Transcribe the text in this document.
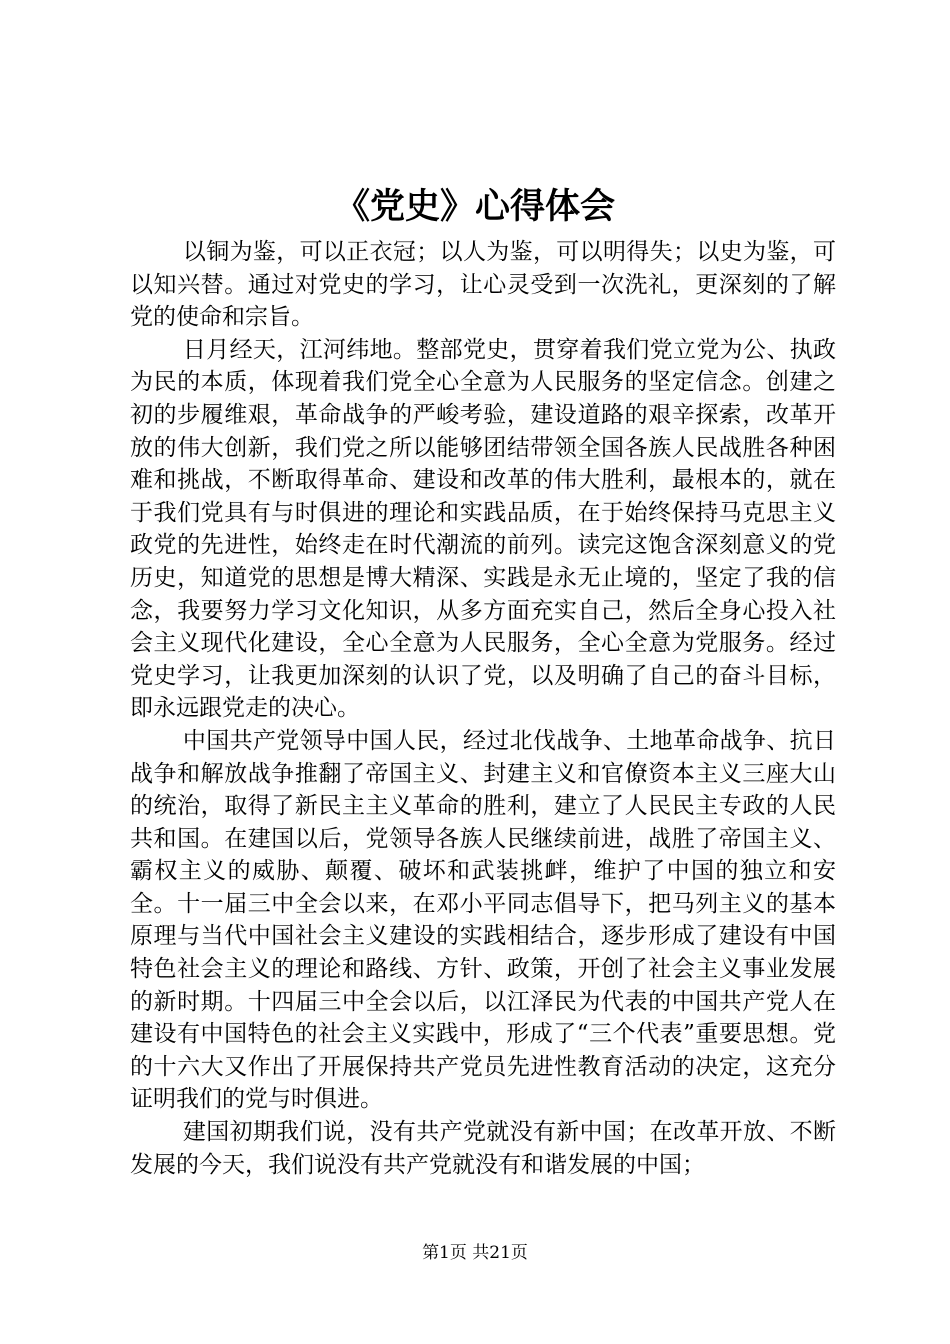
《党史》心得体会

以铜为鉴，可以正衣冠；以人为鉴，可以明得失；以史为鉴，可以知兴替。通过对党史的学习，让心灵受到一次洗礼，更深刻的了解党的使命和宗旨。

日月经天，江河纬地。整部党史，贯穿着我们党立党为公、执政为民的本质，体现着我们党全心全意为人民服务的坚定信念。创建之初的步履维艰，革命战争的严峻考验，建设道路的艰辛探索，改革开放的伟大创新，我们党之所以能够团结带领全国各族人民战胜各种困难和挑战，不断取得革命、建设和改革的伟大胜利，最根本的，就在于我们党具有与时俱进的理论和实践品质，在于始终保持马克思主义政党的先进性，始终走在时代潮流的前列。读完这饱含深刻意义的党历史，知道党的思想是博大精深、实践是永无止境的，坚定了我的信念，我要努力学习文化知识，从多方面充实自己，然后全身心投入社会主义现代化建设，全心全意为人民服务，全心全意为党服务。经过党史学习，让我更加深刻的认识了党，以及明确了自己的奋斗目标，即永远跟党走的决心。

中国共产党领导中国人民，经过北伐战争、土地革命战争、抗日战争和解放战争推翻了帝国主义、封建主义和官僚资本主义三座大山的统治，取得了新民主主义革命的胜利，建立了人民民主专政的人民共和国。在建国以后，党领导各族人民继续前进，战胜了帝国主义、霸权主义的威胁、颠覆、破坏和武装挑衅，维护了中国的独立和安全。十一届三中全会以来，在邓小平同志倡导下，把马列主义的基本原理与当代中国社会主义建设的实践相结合，逐步形成了建设有中国特色社会主义的理论和路线、方针、政策，开创了社会主义事业发展的新时期。十四届三中全会以后，以江泽民为代表的中国共产党人在建设有中国特色的社会主义实践中，形成了“三个代表”重要思想。党的十六大又作出了开展保持共产党员先进性教育活动的决定，这充分证明我们的党与时俱进。

建国初期我们说，没有共产党就没有新中国；在改革开放、不断发展的今天，我们说没有共产党就没有和谐发展的中国；

第1页 共21页
